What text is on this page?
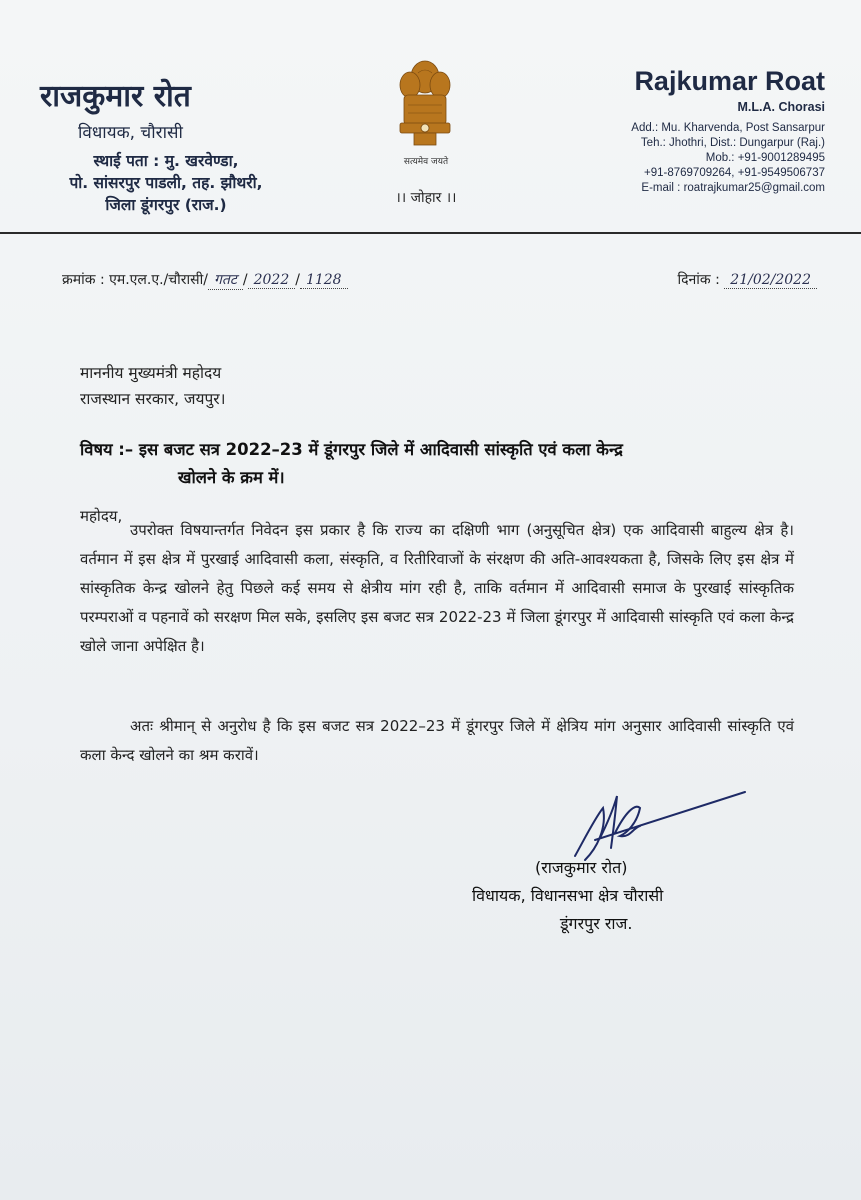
राजकुमार रोत
विधायक, चौरासी
स्थाई पता : मु. खरवेण्डा,
पो. सांसरपुर पाडली, तह. झौथरी,
जिला डूंगरपुर (राज.)
सत्यमेव जयते
।। जोहार ।।
Rajkumar Roat
M.L.A. Chorasi
Add.: Mu. Kharvenda, Post Sansarpur
Teh.: Jhothri, Dist.: Dungarpur (Raj.)
Mob.: +91-9001289495
+91-8769709264, +91-9549506737
E-mail : roatrajkumar25@gmail.com
क्रमांक : एम.एल.ए./चौरासी/ गतट / 2022 / 1128	दिनांक : 21/02/2022
माननीय मुख्यमंत्री महोदय
राजस्थान सरकार, जयपुर।
विषय :– इस बजट सत्र 2022–23 में डूंगरपुर जिले में आदिवासी सांस्कृति एवं कला केन्द्र
खोलने के क्रम में।
महोदय,
उपरोक्त विषयान्तर्गत निवेदन इस प्रकार है कि राज्य का दक्षिणी भाग (अनुसूचित क्षेत्र) एक आदिवासी बाहुल्य क्षेत्र है। वर्तमान में इस क्षेत्र में पुरखाई आदिवासी कला, संस्कृति, व रितीरिवाजों के संरक्षण की अति-आवश्यकता है, जिसके लिए इस क्षेत्र में सांस्कृतिक केन्द्र खोलने हेतु पिछले कई समय से क्षेत्रीय मांग रही है, ताकि वर्तमान में आदिवासी समाज के पुरखाई सांस्कृतिक परम्पराओं व पहनावें को सरक्षण मिल सके, इसलिए इस बजट सत्र 2022-23 में जिला डूंगरपुर में आदिवासी सांस्कृति एवं कला केन्द्र खोले जाना अपेक्षित है।
अतः श्रीमान् से अनुरोध है कि इस बजट सत्र 2022–23 में डूंगरपुर जिले में क्षेत्रिय मांग अनुसार आदिवासी सांस्कृति एवं कला केन्द खोलने का श्रम करावें।
(राजकुमार रोत)
विधायक, विधानसभा क्षेत्र चौरासी
डूंगरपुर राज.
